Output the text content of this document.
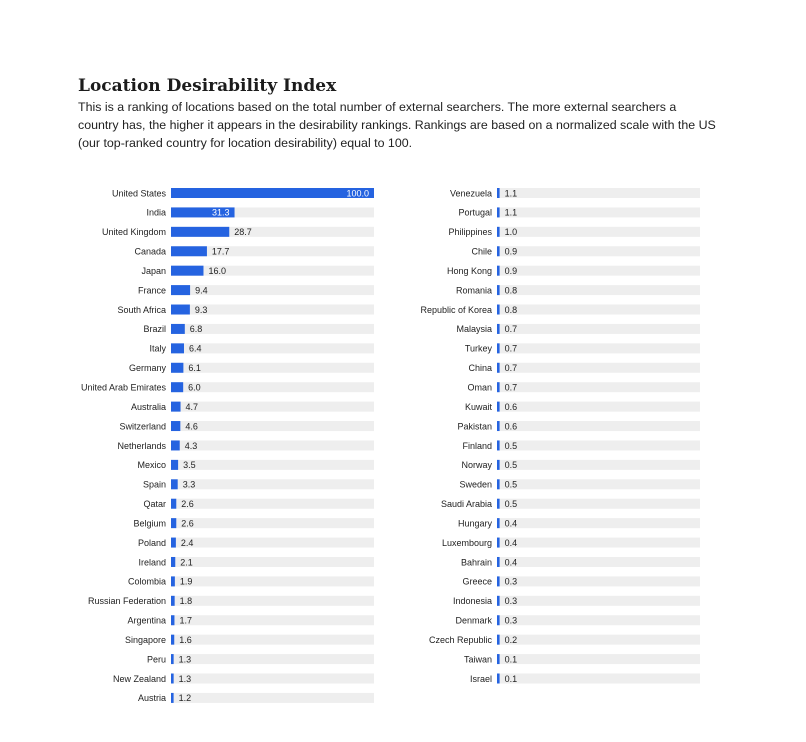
Location Desirability Index

This is a ranking of locations based on the total number of external searchers. The more external searchers a country has, the higher it appears in the desirability rankings. Rankings are based on a normalized scale with the US (our top-ranked country for location desirability) equal to 100.

United States	100.0
India	31.3
United Kingdom	28.7
Canada	17.7
Japan	16.0
France	9.4
South Africa	9.3
Brazil	6.8
Italy	6.4
Germany 6.1
United Arab Emirates 6.0
Australia 4.7
Switzerland 4.6
Netherlands 4.3
Mexico 3.5
Spain 3.3
Qatar 2.6
Belgium 2.6
Poland 2.4
Ireland 2.1
Colombia 1.9
Russian Federation 1.8
Argentina 1.7
Singapore 1.6
Peru 1.3
New Zealand 1.3
Austria 1.2
Venezuela 1.1
Portugal 1.1
Philippines 1.0
Chile 0.9
Hong Kong 0.9
Romania 0.8
Republic of Korea 0.8
Malaysia 0.7
Turkey 0.7
China 0.7
Oman 0.7
Kuwait 0.6
Pakistan 0.6
Finland 0.5
Norway 0.5
Sweden 0.5
Saudi Arabia 0.5
Hungary 0.4
Luxembourg 0.4
Bahrain 0.4
Greece 0.3
Indonesia 0.3
Denmark 0.3
Czech Republic 0.2
Taiwan 0.1
Israel 0.1
